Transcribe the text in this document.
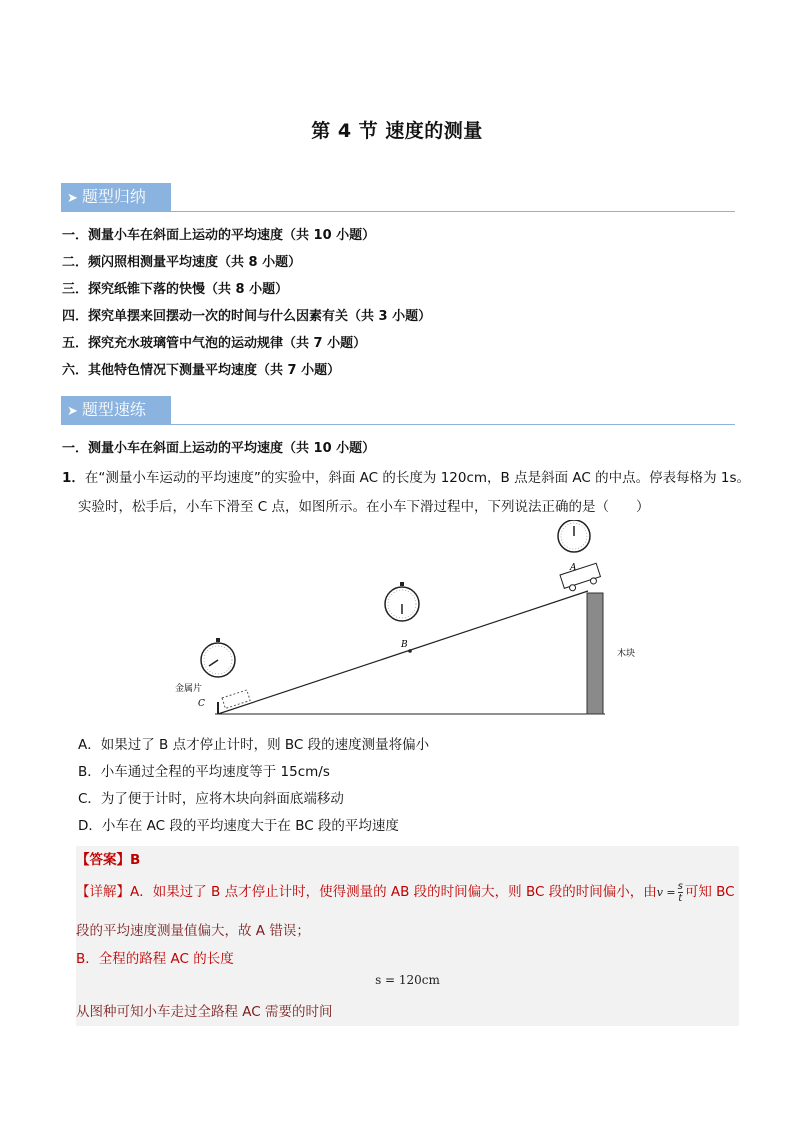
第 4 节 速度的测量
➤ 题型归纳
一．测量小车在斜面上运动的平均速度（共 10 小题）
二．频闪照相测量平均速度（共 8 小题）
三．探究纸锥下落的快慢（共 8 小题）
四．探究单摆来回摆动一次的时间与什么因素有关（共 3 小题）
五．探究充水玻璃管中气泡的运动规律（共 7 小题）
六．其他特色情况下测量平均速度（共 7 小题）
➤ 题型速练
一．测量小车在斜面上运动的平均速度（共 10 小题）
1．在“测量小车运动的平均速度”的实验中，斜面 AC 的长度为 120cm，B 点是斜面 AC 的中点。停表每格为 1s。
实验时，松手后，小车下滑至 C 点，如图所示。在小车下滑过程中，下列说法正确的是（　　）
B
A
C
金属片
木块
A．如果过了 B 点才停止计时，则 BC 段的速度测量将偏小
B．小车通过全程的平均速度等于 15cm/s
C．为了便于计时，应将木块向斜面底端移动
D．小车在 AC 段的平均速度大于在 BC 段的平均速度
【答案】B
【详解】A．如果过了 B 点才停止计时，使得测量的 AB 段的时间偏大，则 BC 段的时间偏小，由$v = \frac{s}{t}$ 可知 BC
段的平均速度测量值偏大，故 A 错误；
B．全程的路程 AC 的长度
s = 120cm
从图种可知小车走过全路程 AC 需要的时间
